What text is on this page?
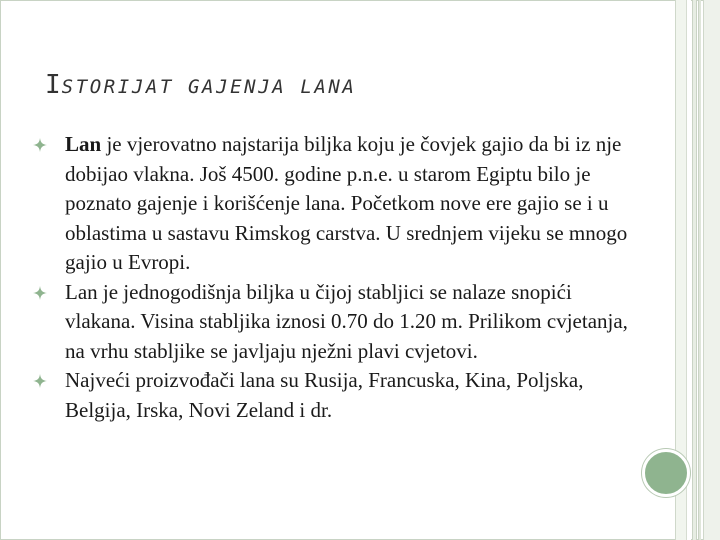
ISTORIJAT GAJENJA LANA
Lan je vjerovatno najstarija biljka koju je čovjek gajio da bi iz nje dobijao vlakna. Još 4500. godine p.n.e. u starom Egiptu bilo je poznato gajenje i korišćenje lana. Početkom nove ere gajio se i u oblastima u sastavu Rimskog carstva. U srednjem vijeku se mnogo gajio u Evropi.
Lan je jednogodišnja biljka u čijoj stabljici se nalaze snopići vlakana. Visina stabljika iznosi 0.70 do 1.20 m. Prilikom cvjetanja, na vrhu stabljike se javljaju nježni plavi cvjetovi.
Najveći proizvođači lana su Rusija, Francuska, Kina, Poljska, Belgija, Irska, Novi Zeland i dr.
